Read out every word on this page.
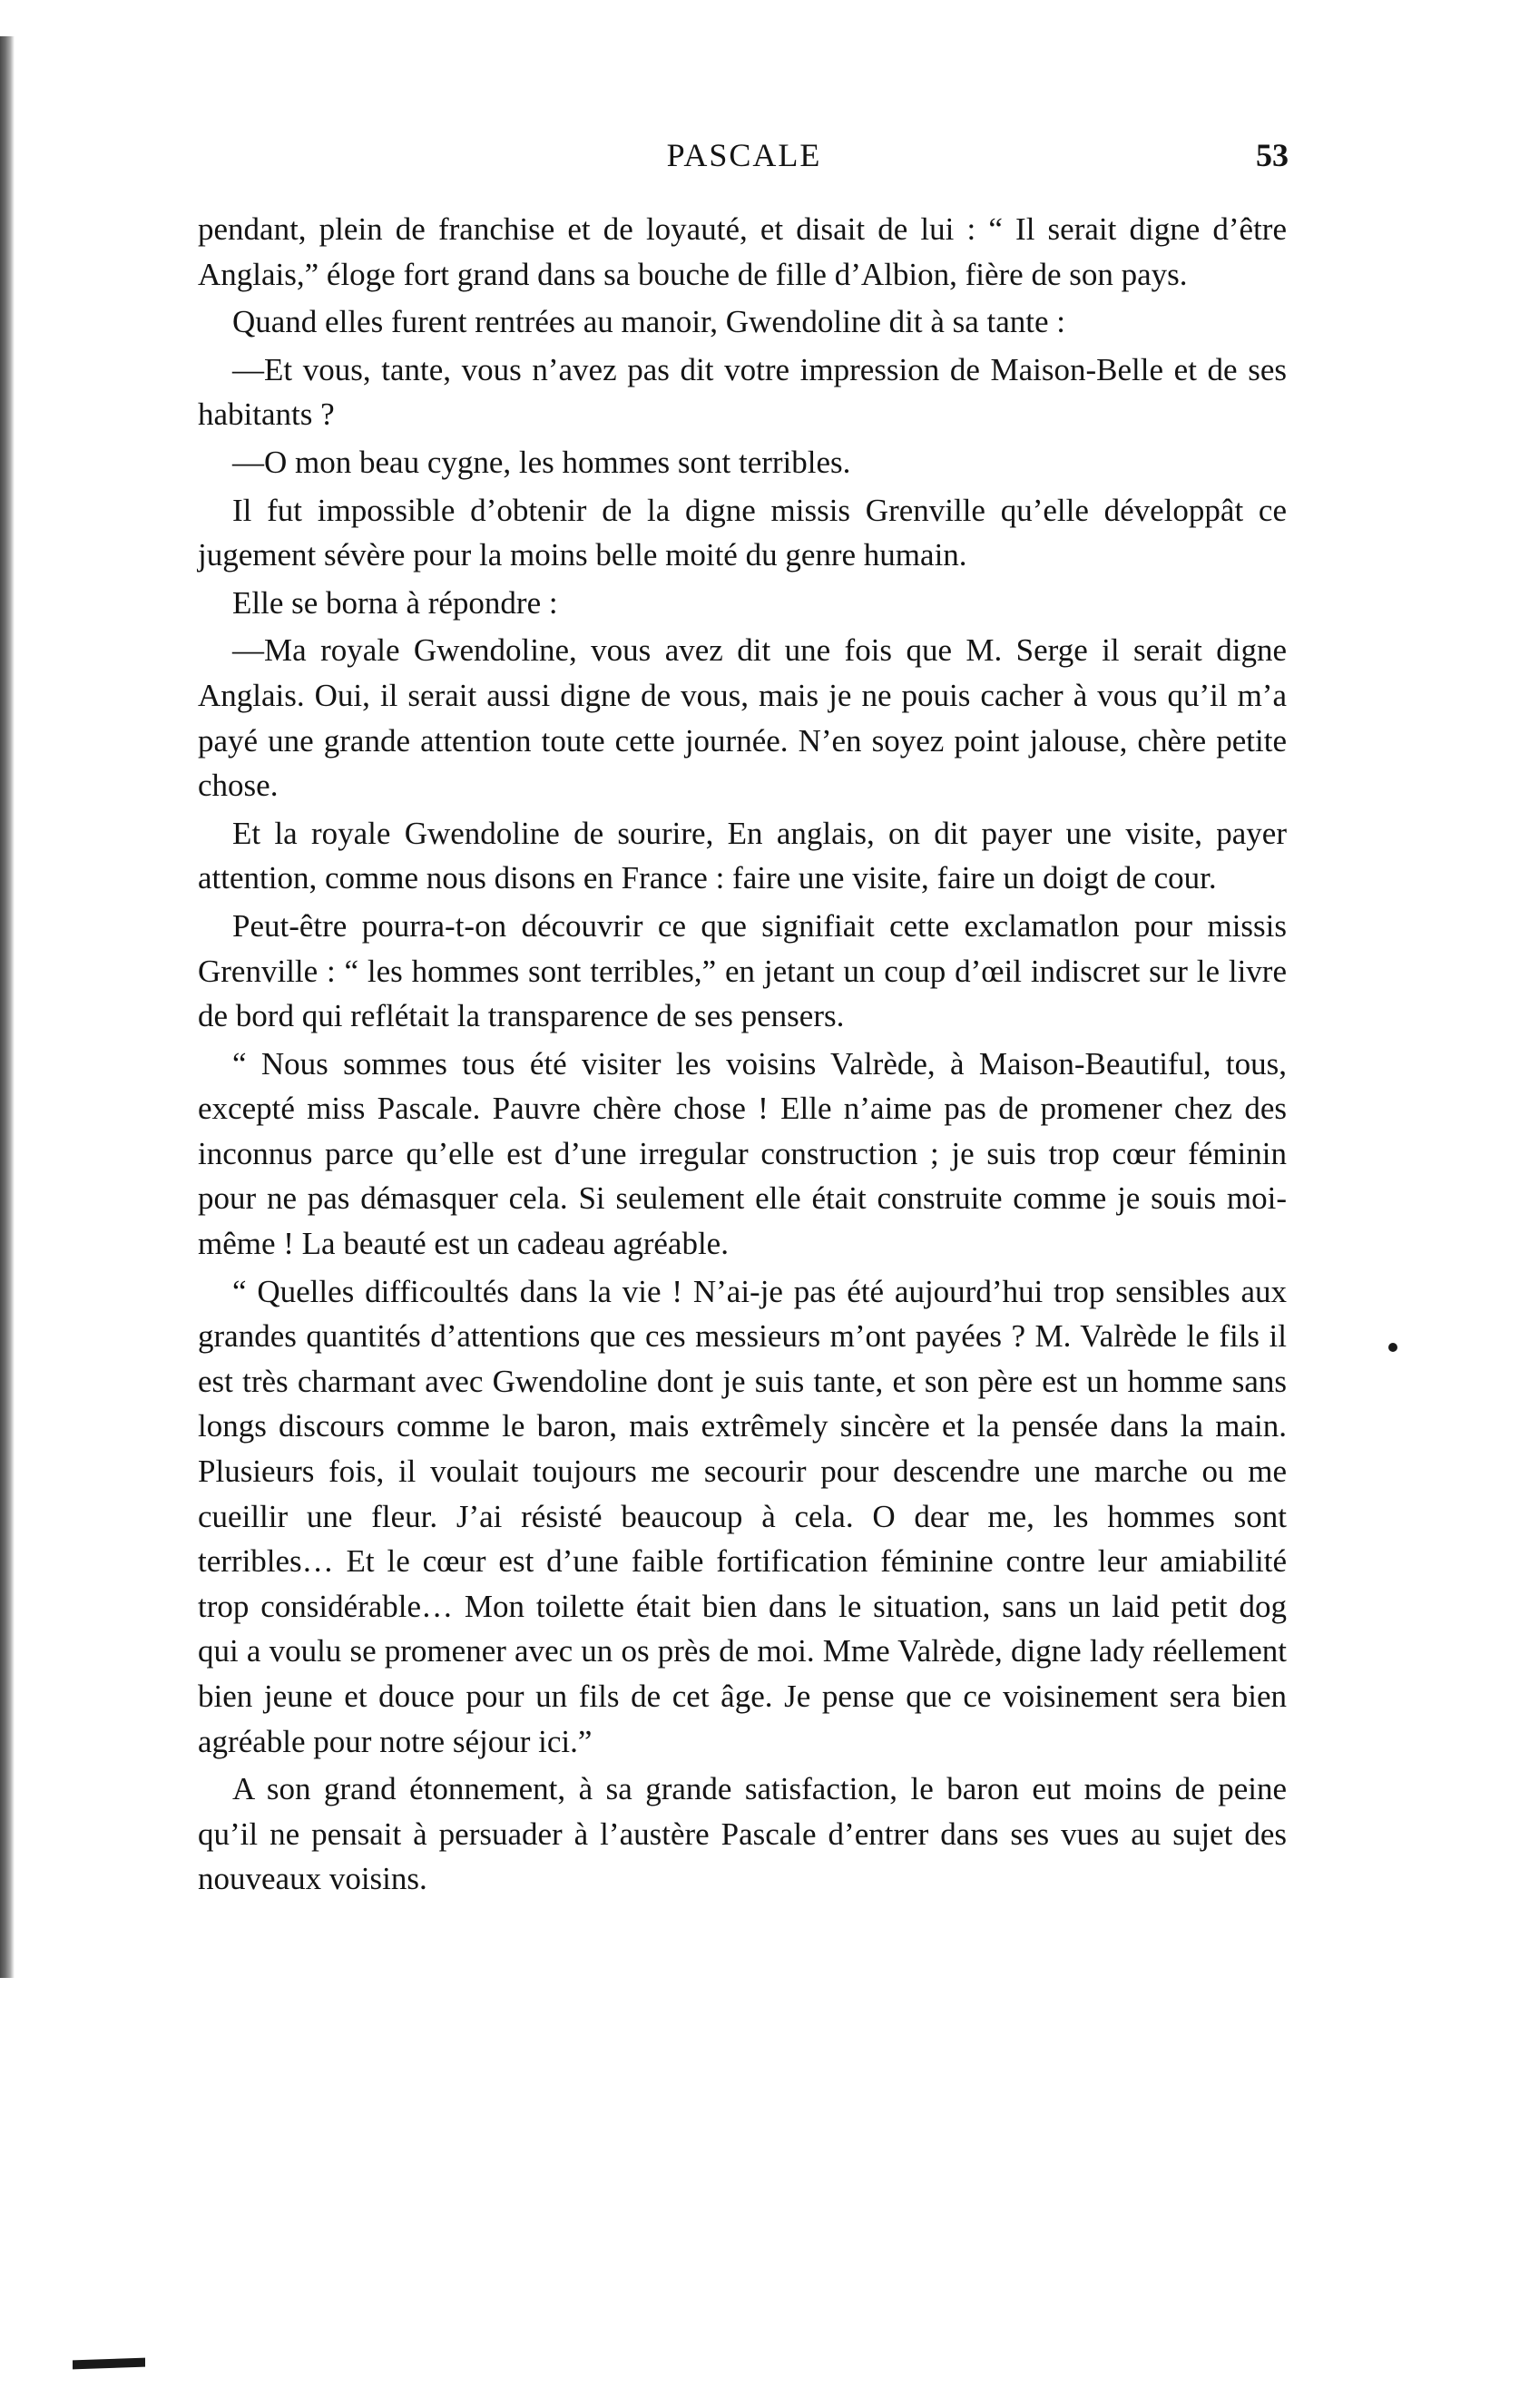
PASCALE	53

pendant, plein de franchise et de loyauté, et disait de lui : “ Il serait digne d’être Anglais,” éloge fort grand dans sa bouche de fille d’Albion, fière de son pays.

Quand elles furent rentrées au manoir, Gwendoline dit à sa tante :

—Et vous, tante, vous n’avez pas dit votre impression de Maison-Belle et de ses habitants ?

—O mon beau cygne, les hommes sont terribles.

Il fut impossible d’obtenir de la digne missis Grenville qu’elle développât ce jugement sévère pour la moins belle moité du genre humain.

Elle se borna à répondre :

—Ma royale Gwendoline, vous avez dit une fois que M. Serge il serait digne Anglais. Oui, il serait aussi digne de vous, mais je ne pouis cacher à vous qu’il m’a payé une grande attention toute cette journée. N’en soyez point jalouse, chère petite chose.

Et la royale Gwendoline de sourire, En anglais, on dit payer une visite, payer attention, comme nous disons en France : faire une visite, faire un doigt de cour.

Peut-être pourra-t-on découvrir ce que signifiait cette exclamatlon pour missis Grenville : “ les hommes sont terribles,” en jetant un coup d’œil indiscret sur le livre de bord qui reflétait la transparence de ses pensers.

“ Nous sommes tous été visiter les voisins Valrède, à Maison-Beautiful, tous, excepté miss Pascale. Pauvre chère chose ! Elle n’aime pas de promener chez des inconnus parce qu’elle est d’une irregular construction ; je suis trop cœur féminin pour ne pas démasquer cela. Si seulement elle était construite comme je souis moi-même ! La beauté est un cadeau agréable.

“ Quelles difficoultés dans la vie ! N’ai-je pas été aujourd’hui trop sensibles aux grandes quantités d’attentions que ces messieurs m’ont payées ? M. Valrède le fils il est très charmant avec Gwendoline dont je suis tante, et son père est un homme sans longs discours comme le baron, mais extrêmely sincère et la pensée dans la main. Plusieurs fois, il voulait toujours me secourir pour descendre une marche ou me cueillir une fleur. J’ai résisté beaucoup à cela. O dear me, les hommes sont terribles… Et le cœur est d’une faible fortification féminine contre leur amiabilité trop considérable… Mon toilette était bien dans le situation, sans un laid petit dog qui a voulu se promener avec un os près de moi. Mme Valrède, digne lady réellement bien jeune et douce pour un fils de cet âge. Je pense que ce voisinement sera bien agréable pour notre séjour ici.”

A son grand étonnement, à sa grande satisfaction, le baron eut moins de peine qu’il ne pensait à persuader à l’austère Pascale d’entrer dans ses vues au sujet des nouveaux voisins.
